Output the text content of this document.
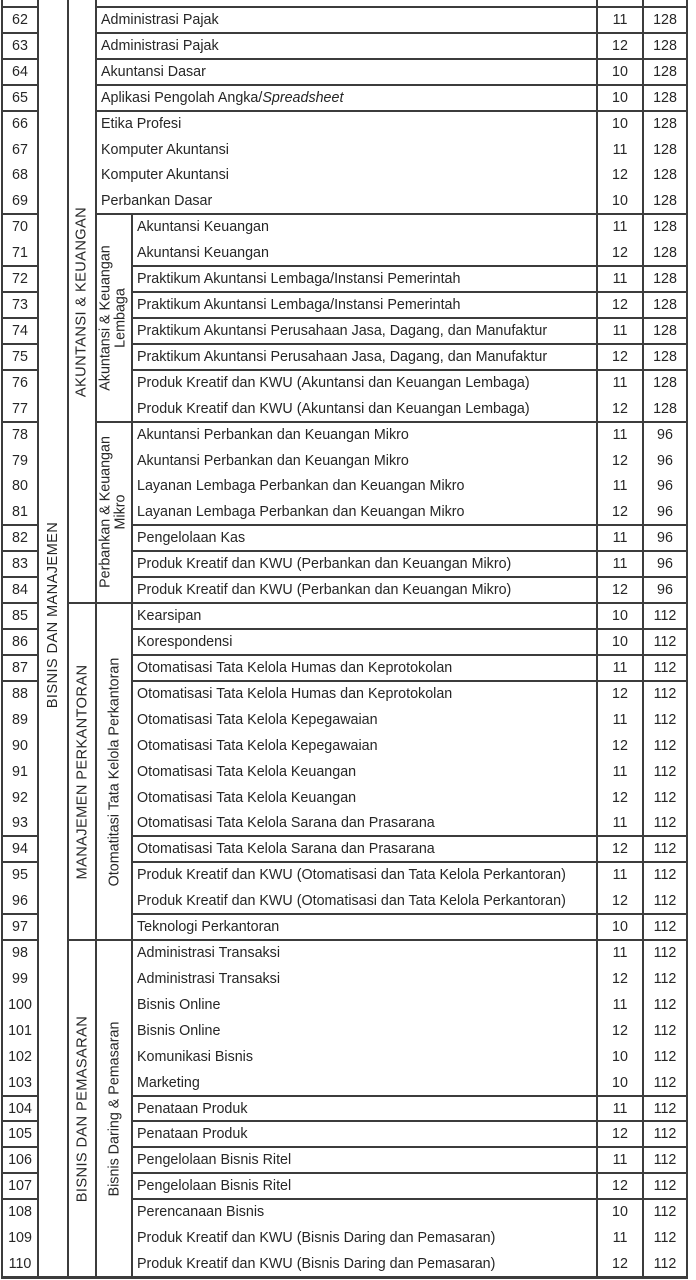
62	Administrasi Pajak	11	128
63	Administrasi Pajak	12	128
64	Akuntansi Dasar	10	128
65	Aplikasi Pengolah Angka/ Spreadsheet	10	128
66	Etika Profesi	10	128
67	Komputer Akuntansi	11	128
68	Komputer Akuntansi	12	128
69	Perbankan Dasar	10	128
70	Akuntansi Keuangan	11	128
71	Akuntansi Keuangan	12	128
72	Praktikum Akuntansi Lembaga/Instansi Pemerintah	11	128
73	Praktikum Akuntansi Lembaga/Instansi Pemerintah	12	128
74	Praktikum Akuntansi Perusahaan Jasa, Dagang, dan Manufaktur	11	128
75	Praktikum Akuntansi Perusahaan Jasa, Dagang, dan Manufaktur	12	128
76	Produk Kreatif dan KWU (Akuntansi dan Keuangan Lembaga)	11	128
77	Produk Kreatif dan KWU (Akuntansi dan Keuangan Lembaga)	12	128
78	Akuntansi Perbankan dan Keuangan Mikro	11	96
79	Akuntansi Perbankan dan Keuangan Mikro	12	96
80	Layanan Lembaga Perbankan dan Keuangan Mikro	11	96
81	Layanan Lembaga Perbankan dan Keuangan Mikro	12	96
82	Pengelolaan Kas	11	96
83	Produk Kreatif dan KWU (Perbankan dan Keuangan Mikro)	11	96
84	Produk Kreatif dan KWU (Perbankan dan Keuangan Mikro)	12	96
85	Kearsipan	10	112
86	Korespondensi	10	112
87	Otomatisasi Tata Kelola Humas dan Keprotokolan	11	112
88	Otomatisasi Tata Kelola Humas dan Keprotokolan	12	112
89	Otomatisasi Tata Kelola Kepegawaian	11	112
90	Otomatisasi Tata Kelola Kepegawaian	12	112
91	Otomatisasi Tata Kelola Keuangan	11	112
92	Otomatisasi Tata Kelola Keuangan	12	112
93	Otomatisasi Tata Kelola Sarana dan Prasarana	11	112
94	Otomatisasi Tata Kelola Sarana dan Prasarana	12	112
95	Produk Kreatif dan KWU (Otomatisasi dan Tata Kelola Perkantoran)	11	112
96	Produk Kreatif dan KWU (Otomatisasi dan Tata Kelola Perkantoran)	12	112
97	Teknologi Perkantoran	10	112
98	Administrasi Transaksi	11	112
99	Administrasi Transaksi	12	112
100	Bisnis Online	11	112
101	Bisnis Online	12	112
102	Komunikasi Bisnis	10	112
103	Marketing	10	112
104	Penataan Produk	11	112
105	Penataan Produk	12	112
106	Pengelolaan Bisnis Ritel	11	112
107	Pengelolaan Bisnis Ritel	12	112
108	Perencanaan Bisnis	10	112
109	Produk Kreatif dan KWU (Bisnis Daring dan Pemasaran)	11	112
110	Produk Kreatif dan KWU (Bisnis Daring dan Pemasaran)	12	112
BISNIS DAN MANAJEMEN
AKUNTANSI & KEUANGAN
MANAJEMEN PERKANTORAN
BISNIS DAN PEMASARAN
Akuntansi & Keuangan Lembaga
Perbankan & Keuangan Mikro
Otomatitasi Tata Kelola Perkantoran
Bisnis Daring & Pemasaran
